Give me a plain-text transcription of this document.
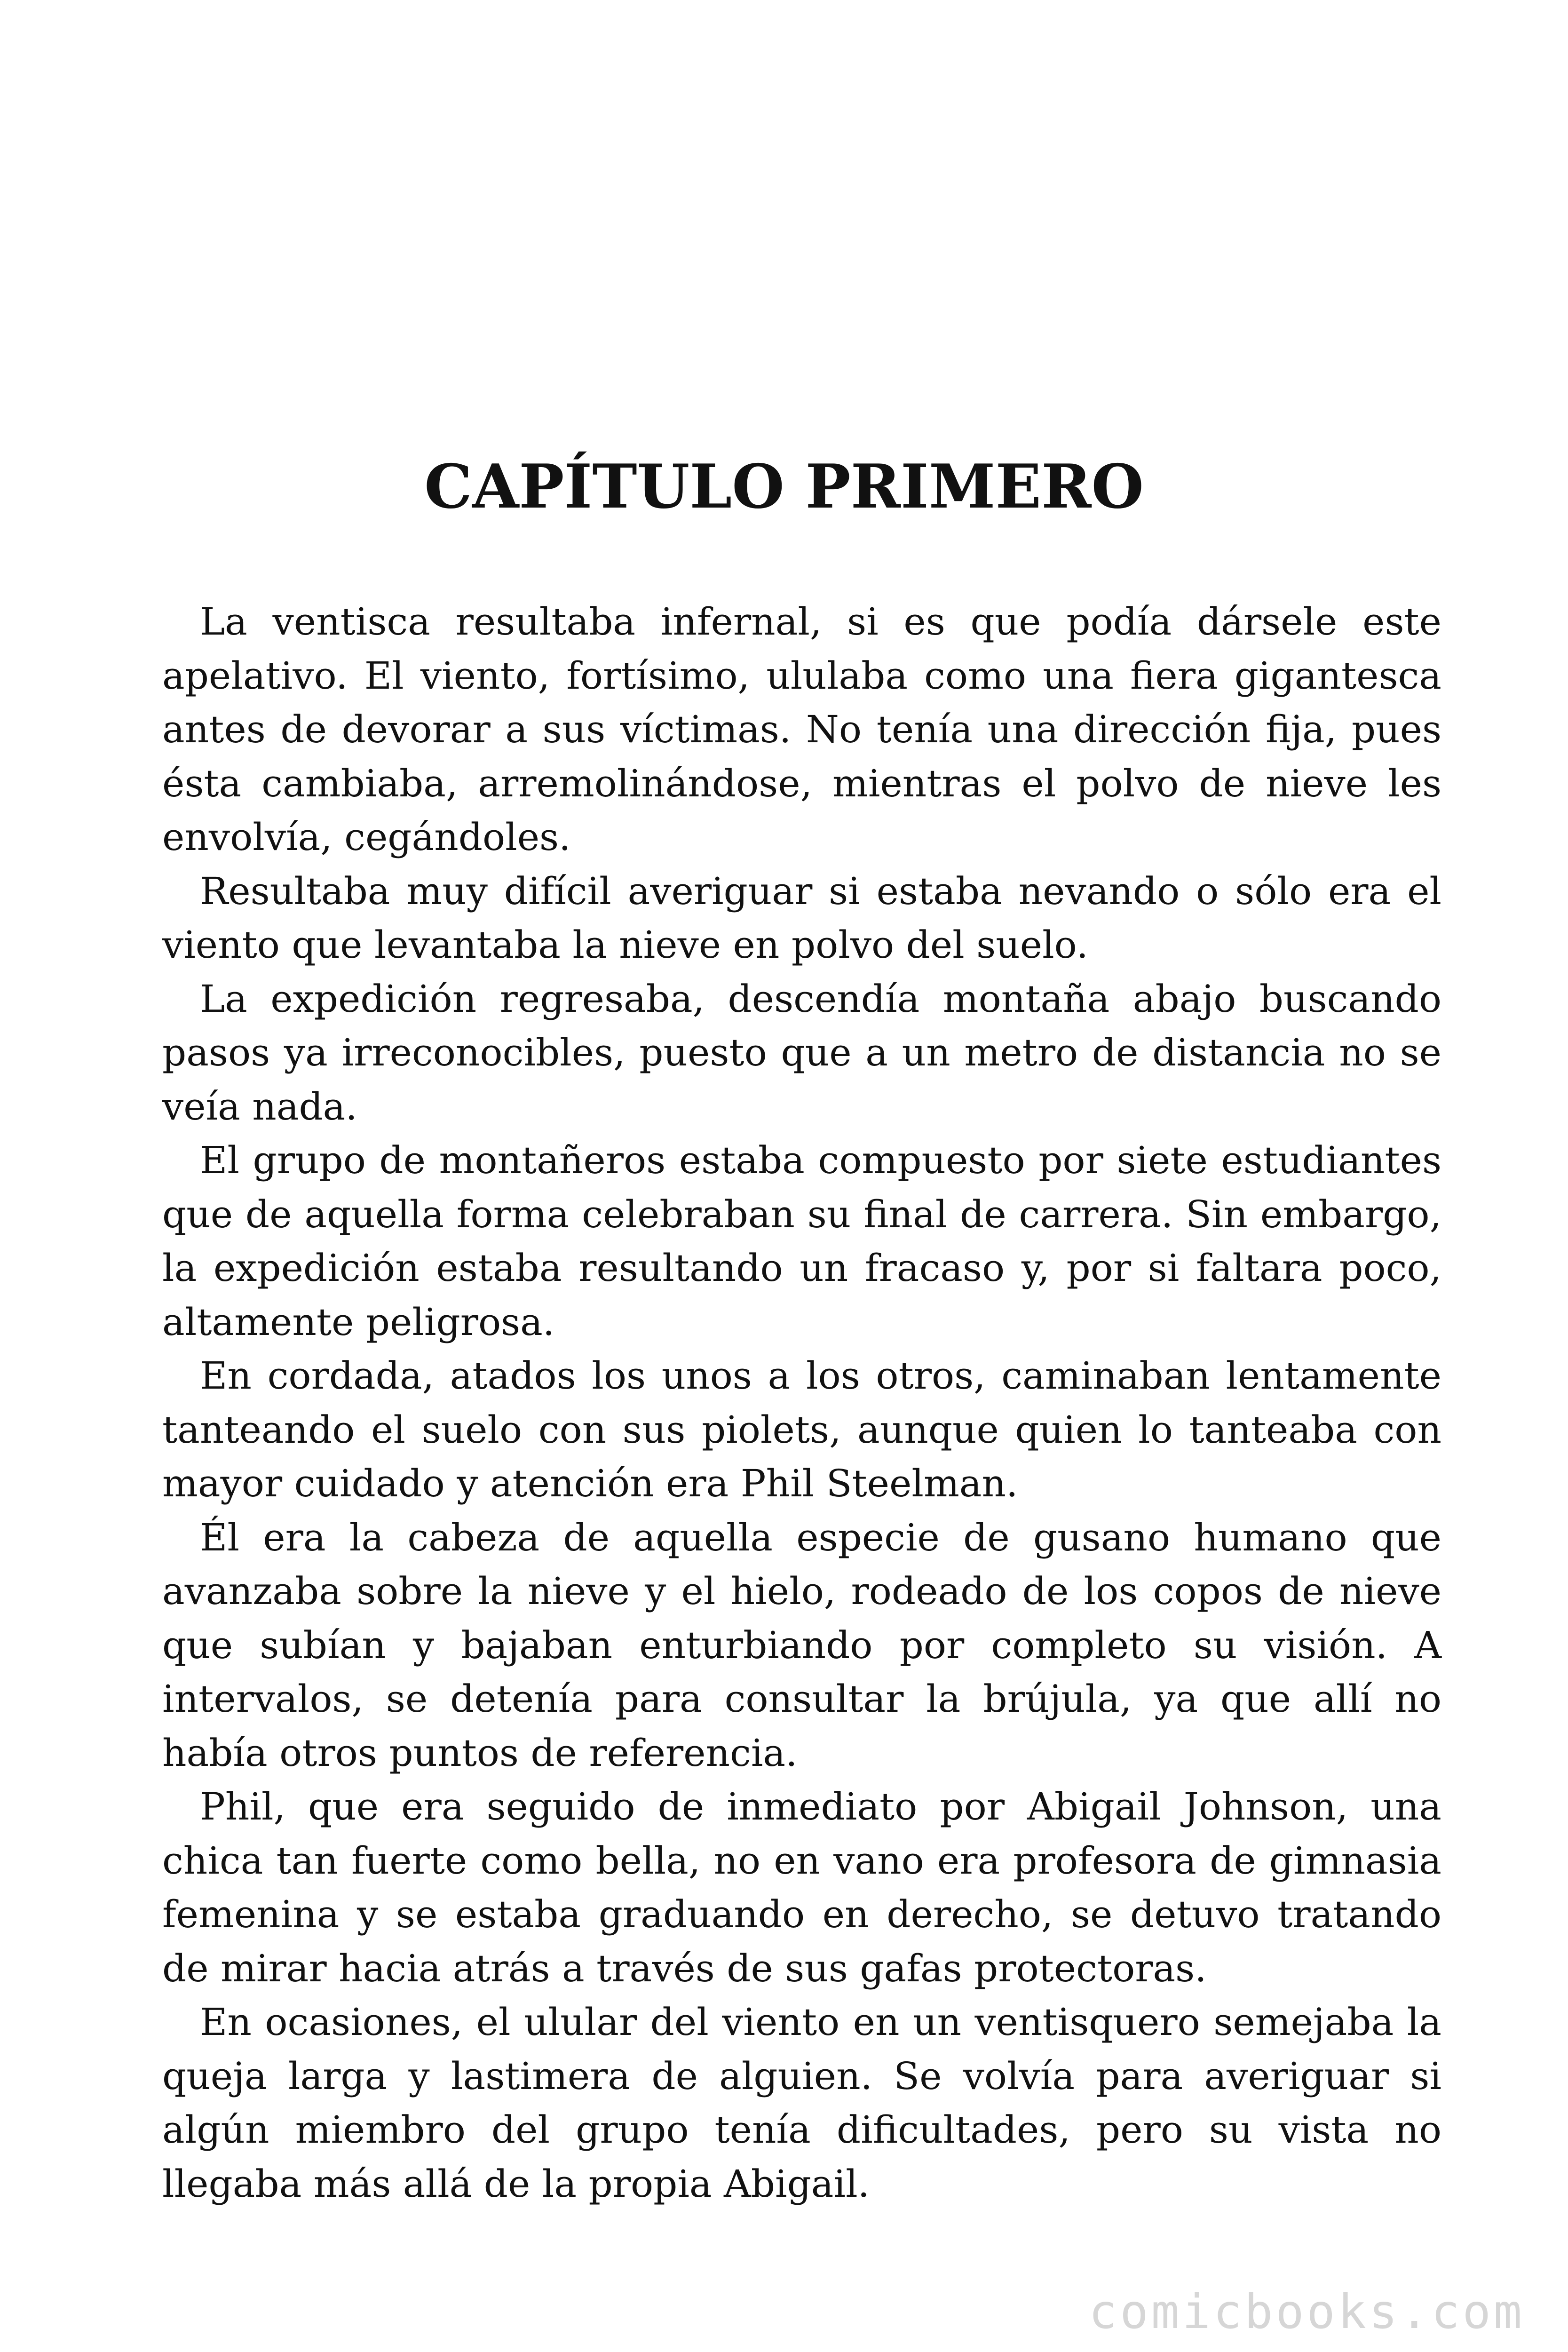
CAPÍTULO PRIMERO

La ventisca resultaba infernal, si es que podía dársele este apelativo. El viento, fortísimo, ululaba como una fiera gigantesca antes de devorar a sus víctimas. No tenía una dirección fija, pues ésta cambiaba, arremolinándose, mientras el polvo de nieve les envolvía, cegándoles.

Resultaba muy difícil averiguar si estaba nevando o sólo era el viento que levantaba la nieve en polvo del suelo.

La expedición regresaba, descendía montaña abajo buscando pasos ya irreconocibles, puesto que a un metro de distancia no se veía nada.

El grupo de montañeros estaba compuesto por siete estudiantes que de aquella forma celebraban su final de carrera. Sin embargo, la expedición estaba resultando un fracaso y, por si faltara poco, altamente peligrosa.

En cordada, atados los unos a los otros, caminaban lentamente tanteando el suelo con sus piolets, aunque quien lo tanteaba con mayor cuidado y atención era Phil Steelman.

Él era la cabeza de aquella especie de gusano humano que avanzaba sobre la nieve y el hielo, rodeado de los copos de nieve que subían y bajaban enturbiando por completo su visión. A intervalos, se detenía para consultar la brújula, ya que allí no había otros puntos de referencia.

Phil, que era seguido de inmediato por Abigail Johnson, una chica tan fuerte como bella, no en vano era profesora de gimnasia femenina y se estaba graduando en derecho, se detuvo tratando de mirar hacia atrás a través de sus gafas protectoras.

En ocasiones, el ulular del viento en un ventisquero semejaba la queja larga y lastimera de alguien. Se volvía para averiguar si algún miembro del grupo tenía dificultades, pero su vista no llegaba más allá de la propia Abigail.

comicbooks.com
